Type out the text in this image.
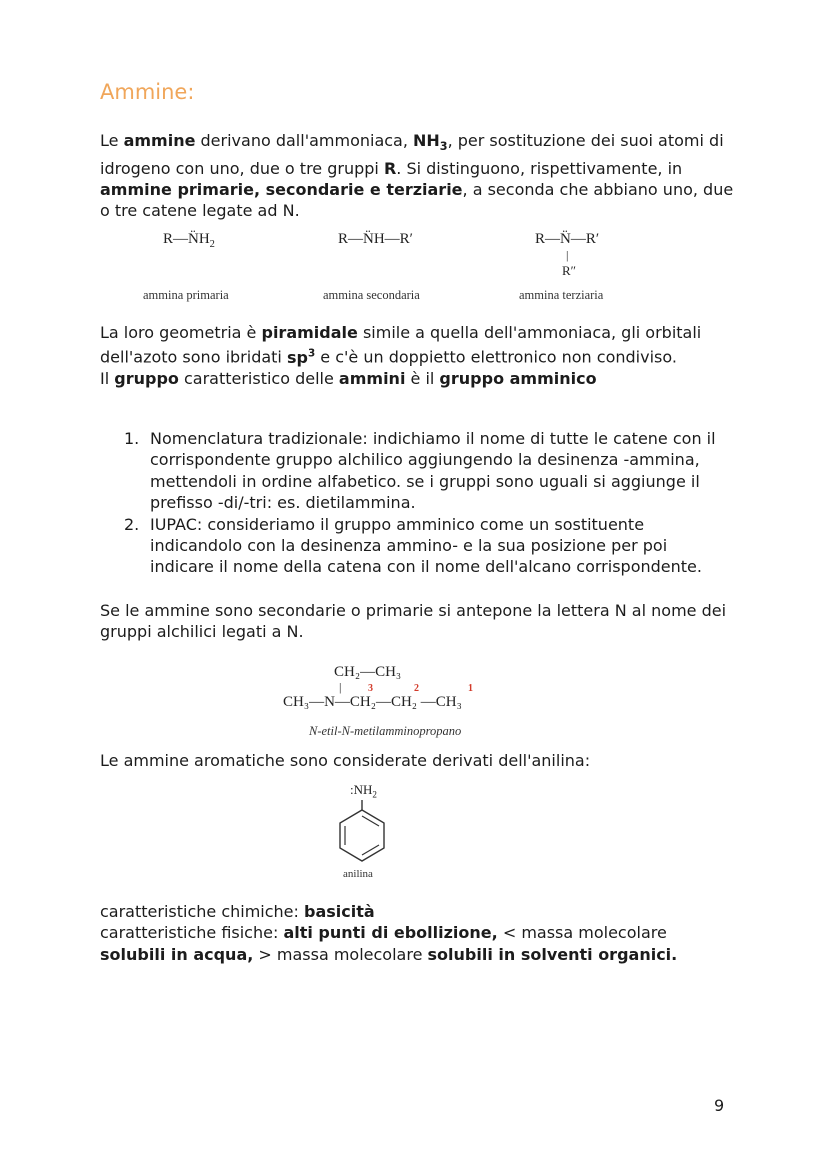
Ammine:

Le ammine derivano dall'ammoniaca, $NH_3$, per sostituzione dei suoi atomi di idrogeno con uno, due o tre gruppi R. Si distinguono, rispettivamente, in ammine primarie, secondarie e terziarie, a seconda che abbiano uno, due o tre catene legate ad N.

$R—N̈H_2$	R—N̈H—R′	R—N̈—R′
|
R″
ammina primaria	ammina secondaria	ammina terziaria

La loro geometria è piramidale simile a quella dell'ammoniaca, gli orbitali dell'azoto sono ibridati $sp^3$ e c'è un doppietto elettronico non condiviso.

Il gruppo caratteristico delle ammini è il gruppo amminico

1. Nomenclatura tradizionale: indichiamo il nome di tutte le catene con il corrispondente gruppo alchilico aggiungendo la desinenza -ammina, mettendoli in ordine alfabetico. se i gruppi sono uguali si aggiunge il prefisso -di/-tri: es. dietilammina.
2. IUPAC: consideriamo il gruppo amminico come un sostituente indicandolo con la desinenza ammino- e la sua posizione per poi indicare il nome della catena con il nome dell'alcano corrispondente.

Se le ammine sono secondarie o primarie si antepone la lettera N al nome dei gruppi alchilici legati a N.

CH₂—CH₃
|	3	2	1
CH₃—N—CH₂—CH₂ —CH₃
N-etil-N-metilamminopropano

Le ammine aromatiche sono considerate derivati dell'anilina:

$:NH_2$
anilina

caratteristiche chimiche: basicità

caratteristiche fisiche: alti punti di ebollizione, < massa molecolare

solubili in acqua, > massa molecolare solubili in solventi organici.

9
